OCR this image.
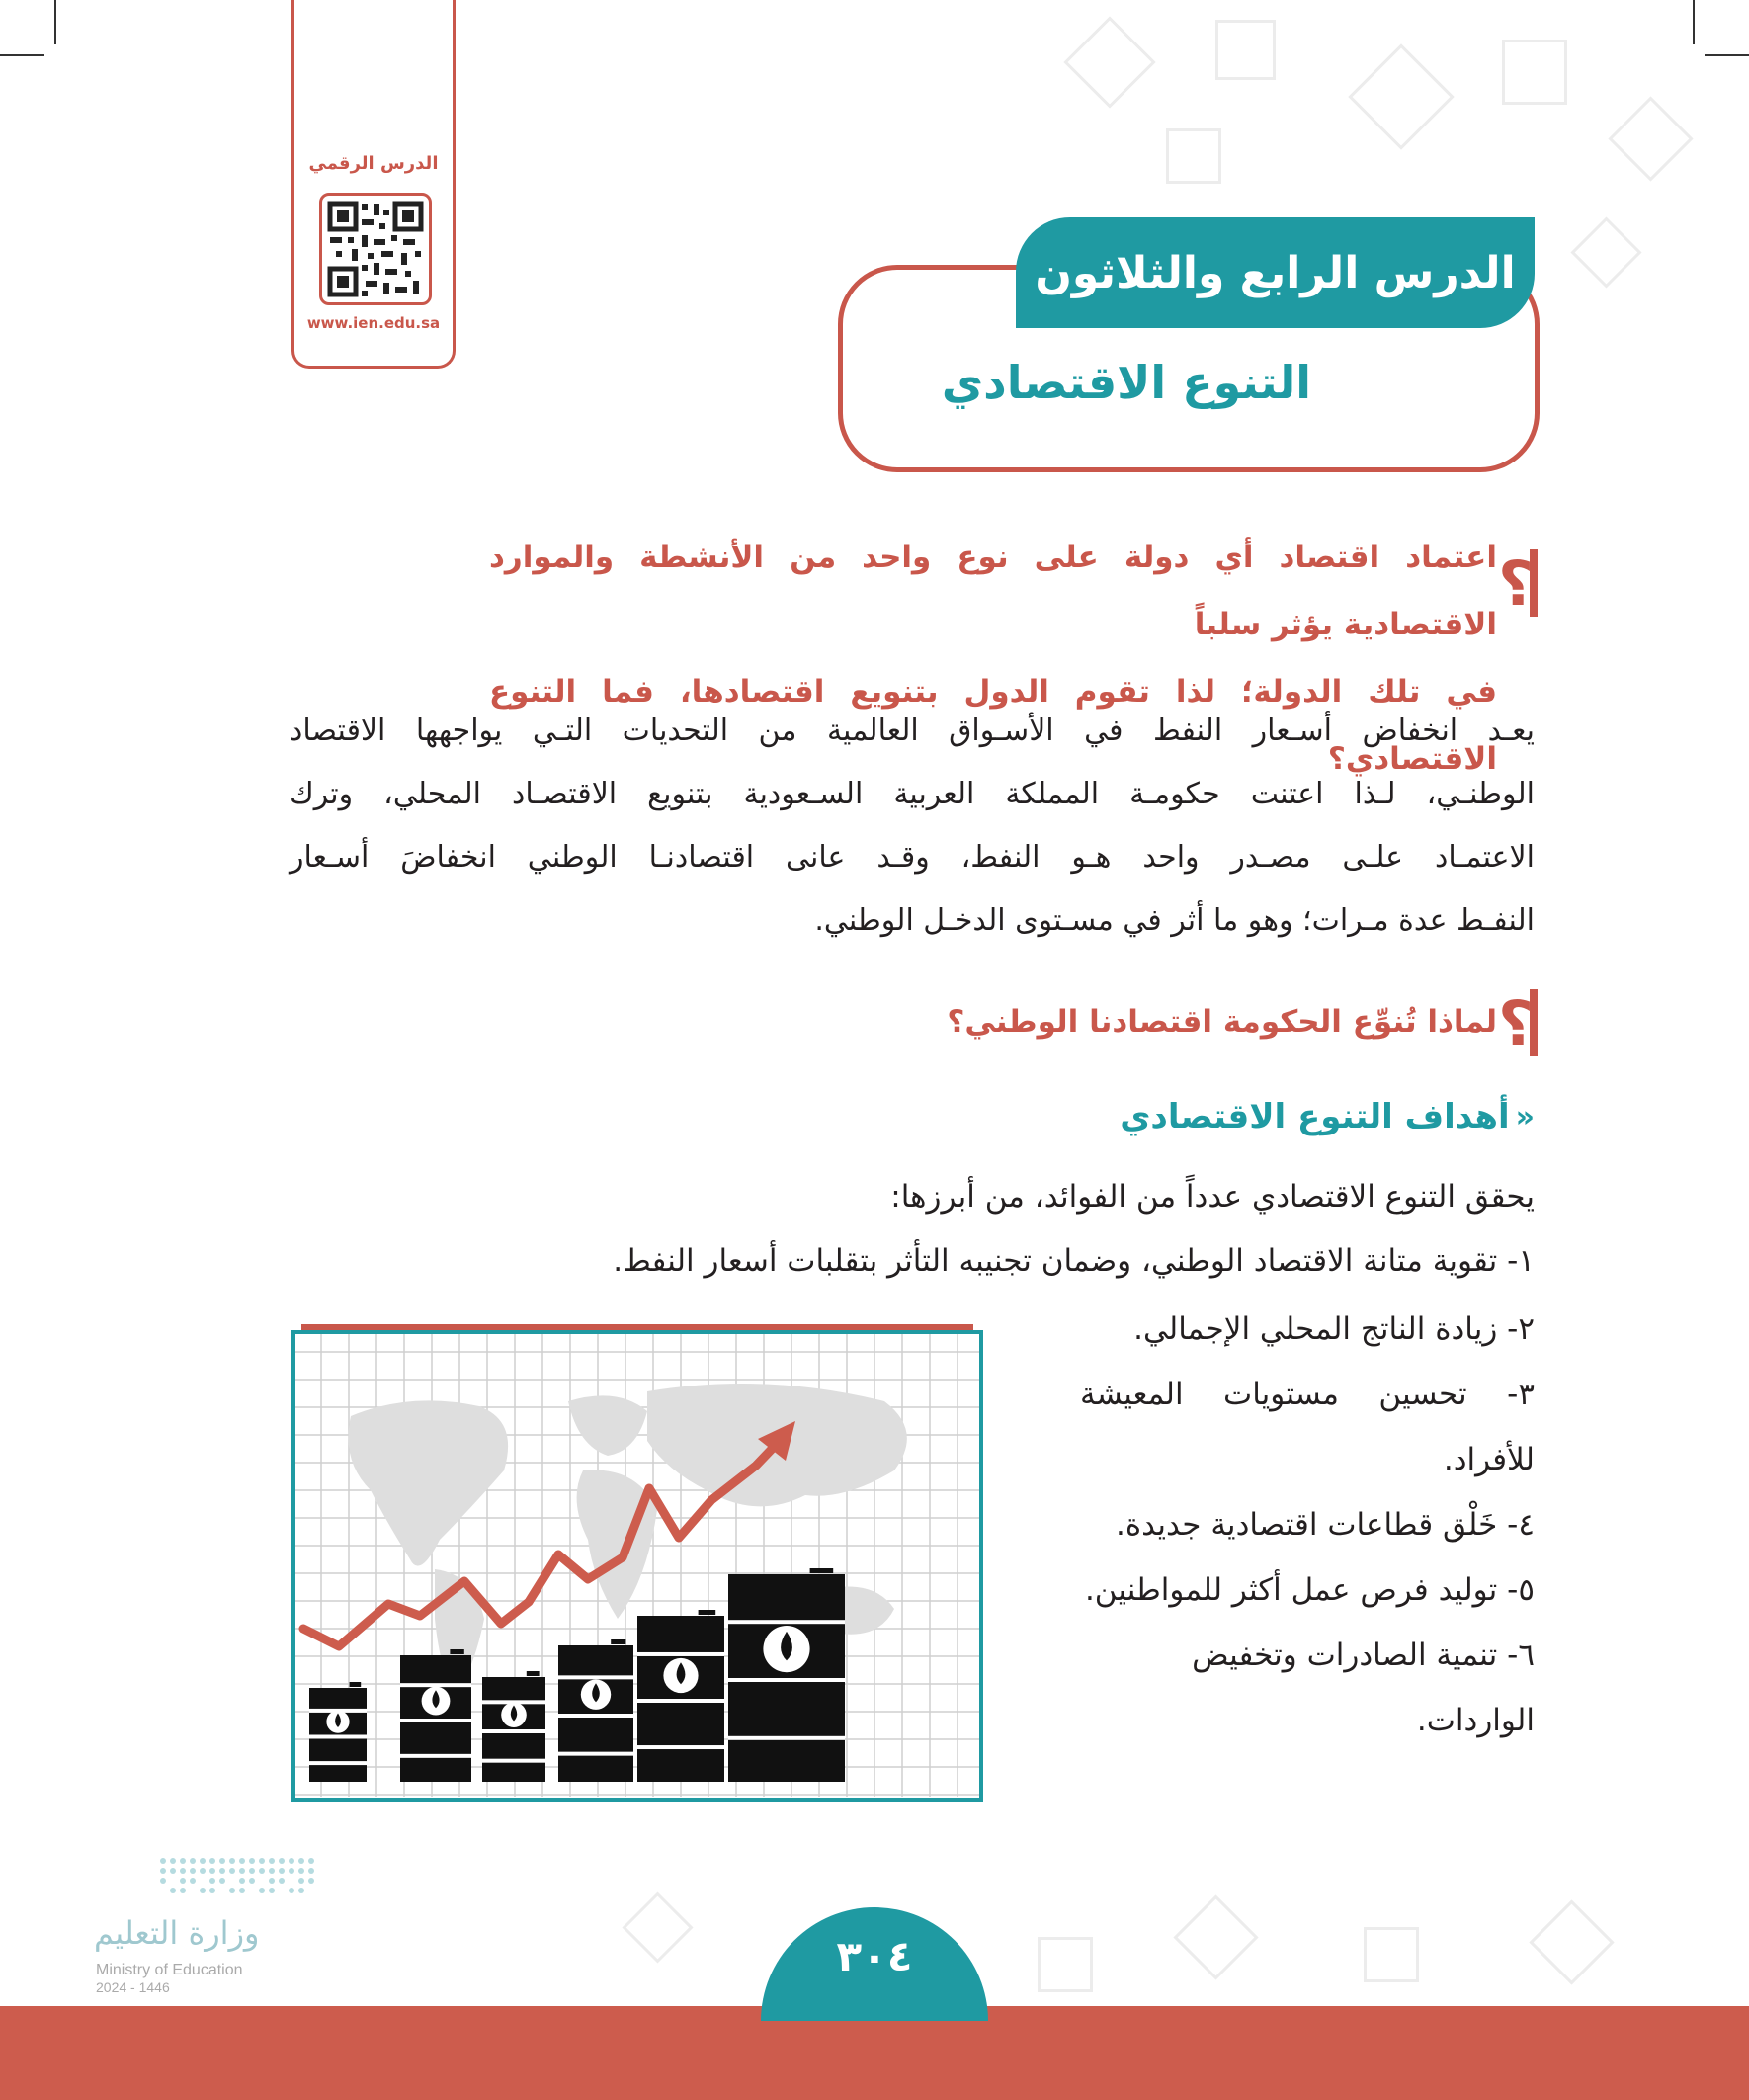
الدرس الرقمي
www.ien.edu.sa
الدرس الرابع والثلاثون
التنوع الاقتصادي
؟
اعتماد اقتصاد أي دولة على نوع واحد من الأنشطة والموارد الاقتصادية يؤثر سلباً
في تلك الدولة؛ لذا تقوم الدول بتنويع اقتصادها، فما التنوع الاقتصادي؟
يعـد انخفاض أسـعار النفط في الأسـواق العالمية من التحديات التـي يواجهها الاقتصاد
الوطنـي، لـذا اعتنت حكومـة المملكة العربية السـعودية بتنويع الاقتصـاد المحلي، وترك
الاعتمـاد علـى مصـدر واحد هـو النفط، وقـد عانى اقتصادنـا الوطني انخفاضَ أسـعار
النفـط عدة مـرات؛ وهو ما أثر في مسـتوى الدخـل الوطني.
؟
لماذا تُنوِّع الحكومة اقتصادنا الوطني؟
«
أهداف التنوع الاقتصادي
يحقق التنوع الاقتصادي عدداً من الفوائد، من أبرزها:
١- تقوية متانة الاقتصاد الوطني، وضمان تجنيبه التأثر بتقلبات أسعار النفط.
٢- زيادة الناتج المحلي الإجمالي.
٣- تحسين مستويات المعيشة للأفراد.
٤- خَلْق قطاعات اقتصادية جديدة.
٥- توليد فرص عمل أكثر للمواطنين.
٦- تنمية الصادرات وتخفيض الواردات.
وزارة التعليم
Ministry of Education
2024 - 1446
٣٠٤
